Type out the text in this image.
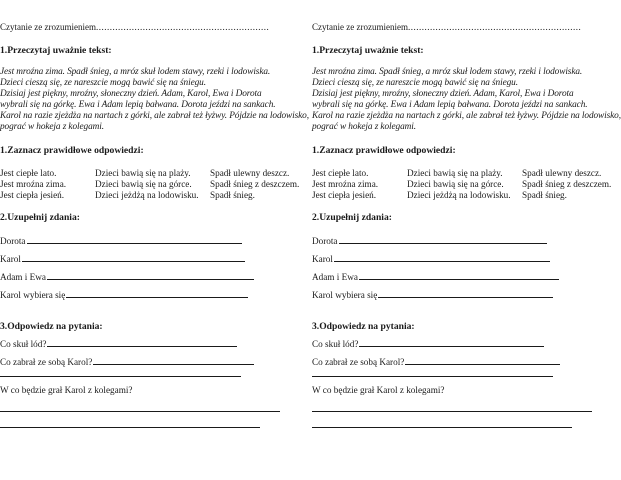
Czytanie ze zrozumieniem...............................................................
1.Przeczytaj uważnie tekst:
Jest mroźna zima. Spadł śnieg, a mróz skuł lodem stawy, rzeki i lodowiska.
Dzieci cieszą się, ze nareszcie mogą bawić się na śniegu.
Dzisiaj jest piękny, mroźny, słoneczny dzień. Adam, Karol, Ewa i Dorota
wybrali się na górkę. Ewa i Adam lepią bałwana. Dorota jeździ na sankach.
Karol na razie zjeżdża na nartach z górki, ale zabrał też łyżwy. Pójdzie na lodowisko,
pograć w hokeja z kolegami.
1.Zaznacz prawidłowe odpowiedzi:
Jest ciepłe lato.	Dzieci bawią się na plaży. Spadł ulewny deszcz.
Jest mroźna zima.	Dzieci bawią się na górce. Spadł śnieg z deszczem.
Jest ciepła jesień.	Dzieci jeżdżą na lodowisku. Spadł śnieg.
2.Uzupełnij zdania:
Dorota
Karol
Adam i Ewa
Karol wybiera się
3.Odpowiedz na pytania:
Co skuł lód?
Co zabrał ze sobą Karol?
W co będzie grał Karol z kolegami?
Czytanie ze zrozumieniem...............................................................
1.Przeczytaj uważnie tekst:
Jest mroźna zima. Spadł śnieg, a mróz skuł lodem stawy, rzeki i lodowiska.
Dzieci cieszą się, ze nareszcie mogą bawić się na śniegu.
Dzisiaj jest piękny, mroźny, słoneczny dzień. Adam, Karol, Ewa i Dorota
wybrali się na górkę. Ewa i Adam lepią bałwana. Dorota jeździ na sankach.
Karol na razie zjeżdża na nartach z górki, ale zabrał też łyżwy. Pójdzie na lodowisko,
pograć w hokeja z kolegami.
1.Zaznacz prawidłowe odpowiedzi:
Jest ciepłe lato.	Dzieci bawią się na plaży. Spadł ulewny deszcz.
Jest mroźna zima.	Dzieci bawią się na górce. Spadł śnieg z deszczem.
Jest ciepła jesień.	Dzieci jeżdżą na lodowisku. Spadł śnieg.
2.Uzupełnij zdania:
Dorota
Karol
Adam i Ewa
Karol wybiera się
3.Odpowiedz na pytania:
Co skuł lód?
Co zabrał ze sobą Karol?
W co będzie grał Karol z kolegami?
